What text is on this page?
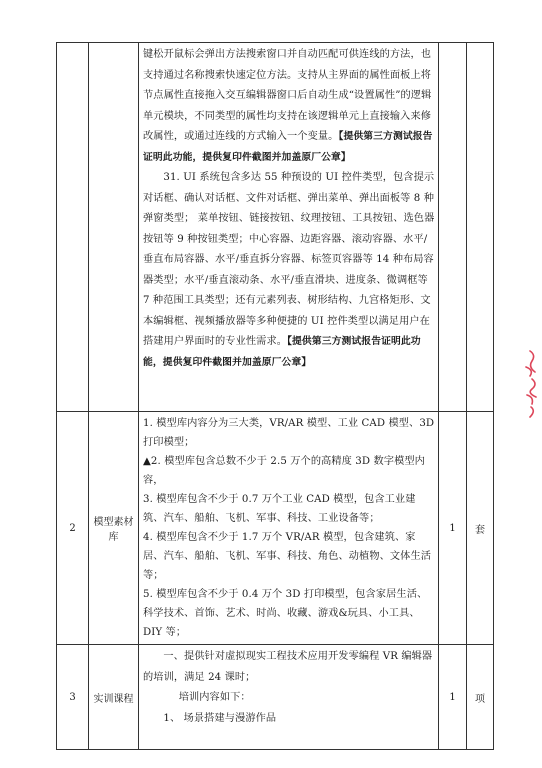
		键松开鼠标会弹出方法搜索窗口并自动匹配可供连线的方法，也支持通过名称搜索快速定位方法。支持从主界面的属性面板上将节点属性直接拖入交互编辑器窗口后自动生成“设置属性”的逻辑单元模块，不同类型的属性均支持在该逻辑单元上直接输入来修改属性，或通过连线的方式输入一个变量。【提供第三方测试报告证明此功能，提供复印件截图并加盖原厂公章】

31. UI 系统包含多达 55 种预设的 UI 控件类型，包含提示对话框、确认对话框、文件对话框、弹出菜单、弹出面板等 8 种弹窗类型； 菜单按钮、链接按钮、纹理按钮、工具按钮、选色器按钮等 9 种按钮类型；中心容器、边距容器、滚动容器、水平/垂直布局容器、水平/垂直拆分容器、标签页容器等 14 种布局容器类型；水平/垂直滚动条、水平/垂直滑块、进度条、微调框等 7 种范围工具类型；还有元素列表、树形结构、九宫格矩形、文本编辑框、视频播放器等多种便捷的 UI 控件类型以满足用户在搭建用户界面时的专业性需求。【提供第三方测试报告证明此功能，提供复印件截图并加盖原厂公章】		

2	模型素材库	1. 模型库内容分为三大类，VR/AR 模型、工业 CAD 模型、3D 打印模型；

▲2. 模型库包含总数不少于 2.5 万个的高精度 3D 数字模型内容，

3. 模型库包含不少于 0.7 万个工业 CAD 模型，包含工业建筑、汽车、船舶、飞机、军事、科技、工业设备等；

4. 模型库包含不少于 1.7 万个 VR/AR 模型，包含建筑、家居、汽车、船舶、飞机、军事、科技、角色、动植物、文体生活等；

5. 模型库包含不少于 0.4 万个 3D 打印模型，包含家居生活、科学技术、首饰、艺术、时尚、收藏、游戏&玩具、小工具、DIY 等；	1	套
3	实训课程	一、提供针对虚拟现实工程技术应用开发零编程 VR 编辑器的培训，满足 24 课时；

培训内容如下：

1、 场景搭建与漫游作品	1	项
